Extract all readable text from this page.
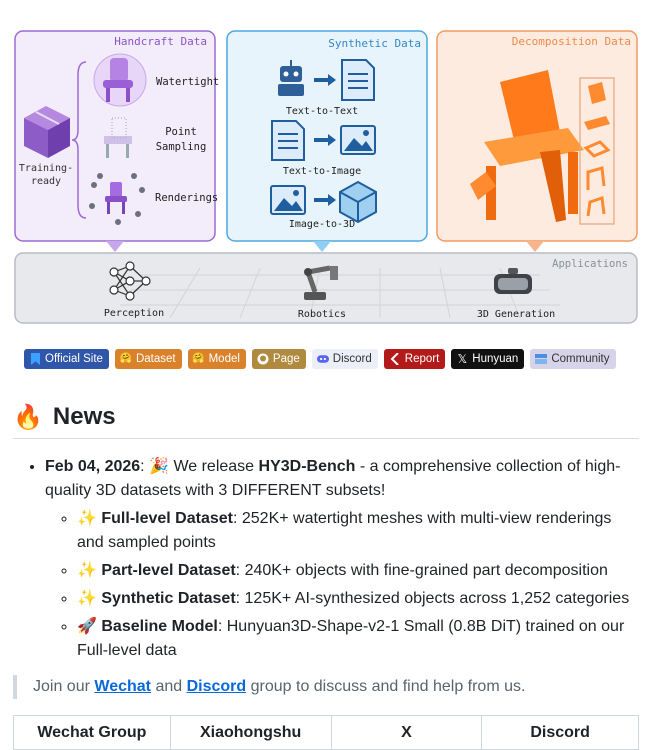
Handcraft Data
Training-
ready
Watertight
Point
Sampling
Renderings
Synthetic Data
Text-to-Text
Text-to-Image
Image-to-3D
Decomposition Data
Applications
Perception	Robotics	3D Generation
Official Site 🤗 Dataset 🤗 Model	Page	Discord	Report 𝕏 Hunyuan	Community
🔥 News
• Feb 04, 2026: 🎉 We release HY3D-Bench - a comprehensive collection of high-quality 3D datasets with 3 DIFFERENT subsets!
◦ ✨ Full-level Dataset: 252K+ watertight meshes with multi-view renderings and sampled points
◦ ✨ Part-level Dataset: 240K+ objects with fine-grained part decomposition
◦ ✨ Synthetic Dataset: 125K+ AI-synthesized objects across 1,252 categories
◦ 🚀 Baseline Model: Hunyuan3D-Shape-v2-1 Small (0.8B DiT) trained on our Full-level data
Join our Wechat and Discord group to discuss and find help from us.
Wechat Group	Xiaohongshu	X	Discord
